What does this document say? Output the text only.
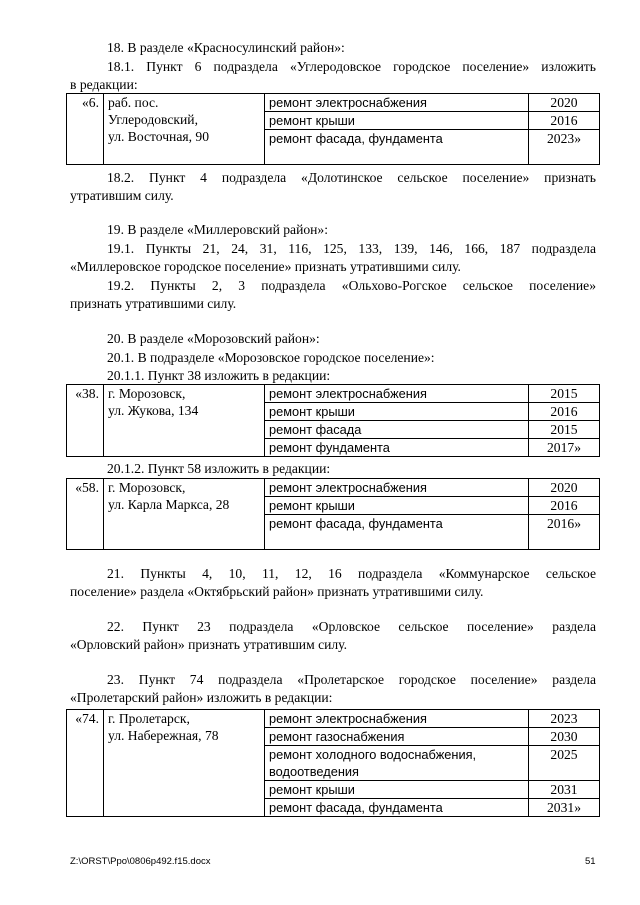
18. В разделе «Красносулинский район»:
18.1. Пункт 6 подраздела «Углеродовское городское поселение» изложить
в редакции:
«6.	раб. пос.
Углеродовский,
ул. Восточная, 90	ремонт электроснабжения	2020
		ремонт крыши	2016
		ремонт фасада, фундамента	2023»
18.2. Пункт 4 подраздела «Долотинское сельское поселение» признать
утратившим силу.
19. В разделе «Миллеровский район»:
19.1. Пункты 21, 24, 31, 116, 125, 133, 139, 146, 166, 187 подраздела
«Миллеровское городское поселение» признать утратившими силу.
19.2. Пункты 2, 3 подраздела «Ольхово-Рогское сельское поселение»
признать утратившими силу.
20. В разделе «Морозовский район»:
20.1. В подразделе «Морозовское городское поселение»:
20.1.1. Пункт 38 изложить в редакции:
«38.	г. Морозовск,
ул. Жукова, 134	ремонт электроснабжения	2015
		ремонт крыши	2016
		ремонт фасада	2015
		ремонт фундамента	2017»
20.1.2. Пункт 58 изложить в редакции:
«58.	г. Морозовск,
ул. Карла Маркса, 28	ремонт электроснабжения	2020
		ремонт крыши	2016
		ремонт фасада, фундамента	2016»
21. Пункты 4, 10, 11, 12, 16 подраздела «Коммунарское сельское
поселение» раздела «Октябрьский район» признать утратившими силу.
22. Пункт 23 подраздела «Орловское сельское поселение» раздела
«Орловский район» признать утратившим силу.
23. Пункт 74 подраздела «Пролетарское городское поселение» раздела
«Пролетарский район» изложить в редакции:
«74.	г. Пролетарск,
ул. Набережная, 78	ремонт электроснабжения	2023
		ремонт газоснабжения	2030

		ремонт холодного водоснабжения,
водоотведения	2025
		ремонт крыши	2031
		ремонт фасада, фундамента	2031»
Z:\ORST\Ppo\0806p492.f15.docx	51
